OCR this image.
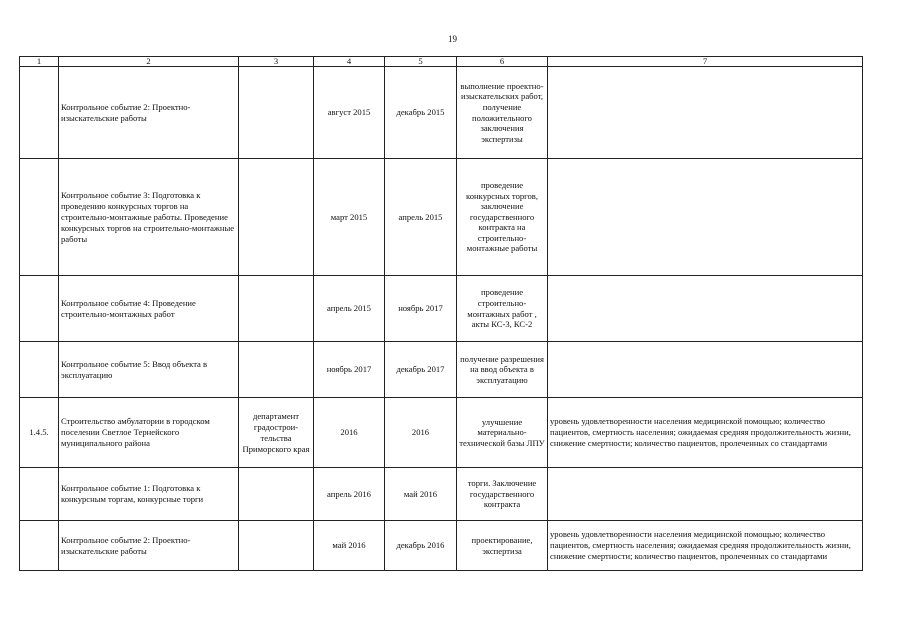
19
1	2	3	4	5	6	7
	Контрольное событие 2: Проектно-изыскательские работы		август 2015	декабрь 2015	выполнение проектно-изыскательских работ, получение положительного заключения экспертизы	
	Контрольное событие 3: Подготовка к проведению конкурсных торгов на строительно-монтажные работы. Проведение конкурсных торгов на строительно-монтажные работы		март 2015	апрель 2015	проведение конкурсных торгов, заключение государственного контракта на строительно-монтажные работы	
	Контрольное событие 4: Проведение строительно-монтажных работ		апрель 2015	ноябрь 2017	проведение строительно-монтажных работ , акты КС-3, КС-2	
	Контрольное событие 5: Ввод объекта в эксплуатацию		ноябрь 2017	декабрь 2017	получение разрешения на ввод объекта в эксплуатацию	
1.4.5.	Строительство амбулатории в городском поселении Светлое Тернейского муниципального района	департамент градострои-тельства Приморского края	2016	2016	улучшение материально-технической базы ЛПУ	уровень удовлетворенности населения медицинской помощью; количество пациентов, смертность населения; ожидаемая средняя продолжительность жизни, снижение смертности; количество пациентов, пролеченных со стандартами
	Контрольное событие 1: Подготовка к конкурсным торгам, конкурсные торги		апрель 2016	май 2016	торги. Заключение государственного контракта	
	Контрольное событие 2: Проектно-изыскательские работы		май 2016	декабрь 2016	проектирование, экспертиза	уровень удовлетворенности населения медицинской помощью; количество пациентов, смертность населения; ожидаемая средняя продолжительность жизни, снижение смертности; количество пациентов, пролеченных со стандартами
